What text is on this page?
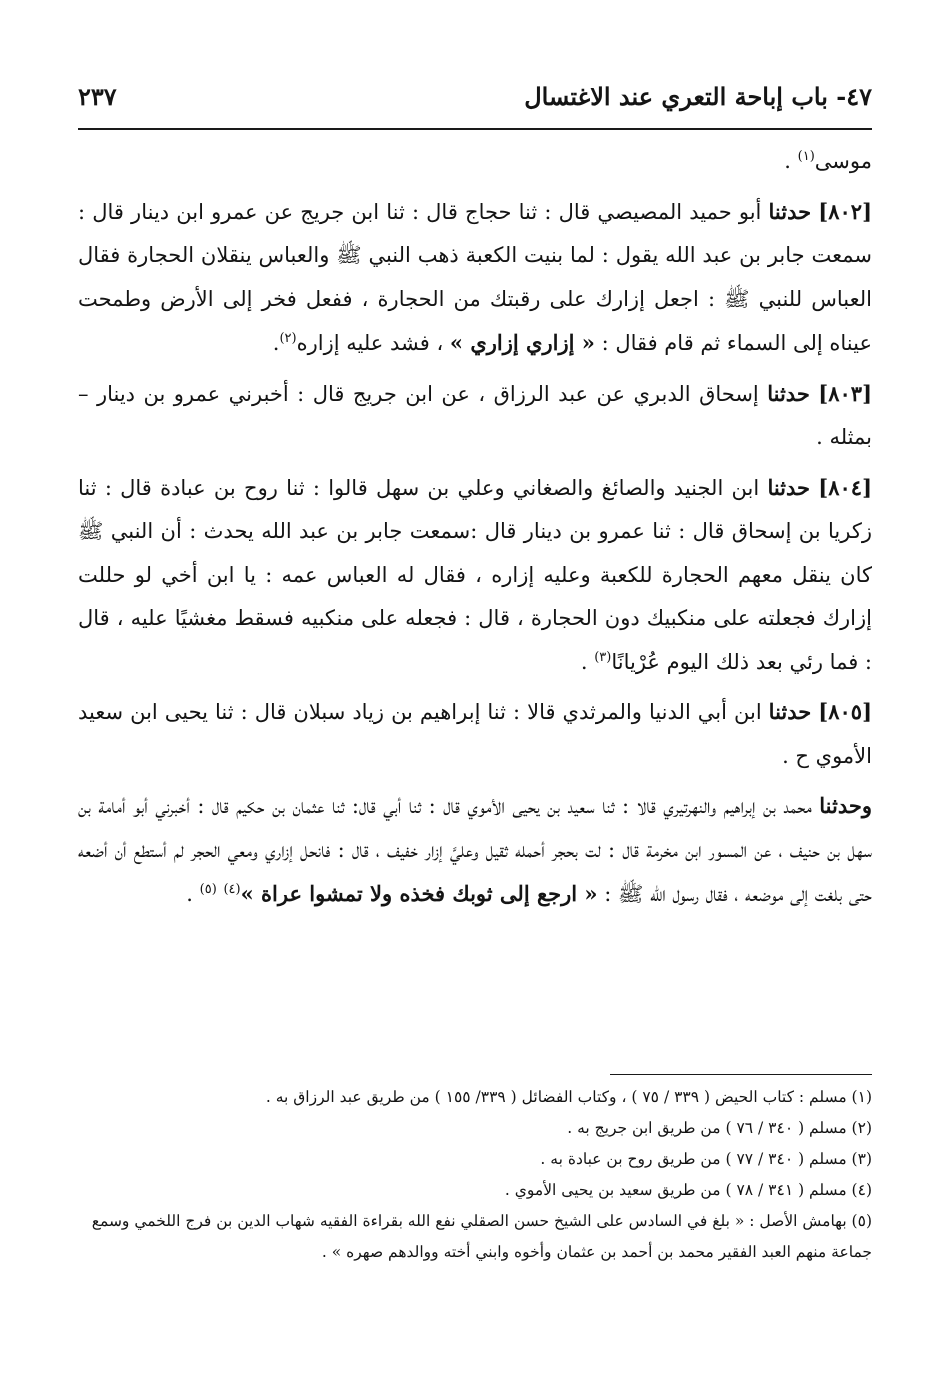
٤٧- باب إباحة التعري عند الاغتسال
٢٣٧

موسى$^{(١)}$ .

[٨٠٢] حدثنا أبو حميد المصيصي قال : ثنا حجاج قال : ثنا ابن جريج عن عمرو ابن دينار قال : سمعت جابر بن عبد الله يقول : لما بنيت الكعبة ذهب النبي ﷺ والعباس ينقلان الحجارة فقال العباس للنبي ﷺ : اجعل إزارك على رقبتك من الحجارة ، ففعل فخر إلى الأرض وطمحت عيناه إلى السماء ثم قام فقال : « إزاري إزاري » ، فشد عليه إزاره$^{(٢)}$.

[٨٠٣] حدثنا إسحاق الدبري عن عبد الرزاق ، عن ابن جريج قال : أخبرني عمرو بن دينار – بمثله .

[٨٠٤] حدثنا ابن الجنيد والصائغ والصغاني وعلي بن سهل قالوا : ثنا روح بن عبادة قال : ثنا زكريا بن إسحاق قال : ثنا عمرو بن دينار قال :سمعت جابر بن عبد الله يحدث : أن النبي ﷺ كان ينقل معهم الحجارة للكعبة وعليه إزاره ، فقال له العباس عمه : يا ابن أخي لو حللت إزارك فجعلته على منكبيك دون الحجارة ، قال : فجعله على منكبيه فسقط مغشيًا عليه ، قال : فما رئي بعد ذلك اليوم عُرْيانًا$^{(٣)}$ .

[٨٠٥] حدثنا ابن أبي الدنيا والمرثدي قالا : ثنا إبراهيم بن زياد سبلان قال : ثنا يحيى ابن سعيد الأموي ح .

وحدثنا محمد بن إبراهيم والنهرتيري قالا : ثنا سعيد بن يحيى الأموي قال : ثنا أبي قال: ثنا عثمان بن حكيم قال : أخبرني أبو أمامة بن سهل بن حنيف ، عن المسور ابن مخرمة قال : لت بحجر أحمله ثقيل وعليَّ إزار خفيف ، قال : فانحل إزاري ومعي الحجر لم أستطع أن أضعه حتى بلغت إلى موضعه ، فقال رسول الله ﷺ : « ارجع إلى ثوبك فخذه ولا تمشوا عراة »$^{(٤)}$ $^{(٥)}$ .

(١) مسلم : كتاب الحيض ( ٣٣٩ / ٧٥ ) ، وكتاب الفضائل ( ٣٣٩/ ١٥٥ ) من طريق عبد الرزاق به .

(٢) مسلم ( ٣٤٠ / ٧٦ ) من طريق ابن جريج به .

(٣) مسلم ( ٣٤٠ / ٧٧ ) من طريق روح بن عبادة به .

(٤) مسلم ( ٣٤١ / ٧٨ ) من طريق سعيد بن يحيى الأموي .

(٥) بهامش الأصل : « بلغ في السادس على الشيخ حسن الصقلي نفع الله بقراءة الفقيه شهاب الدين بن فرج اللخمي وسمع جماعة منهم العبد الفقير محمد بن أحمد بن عثمان وأخوه وابني أخته ووالدهم صهره » .
